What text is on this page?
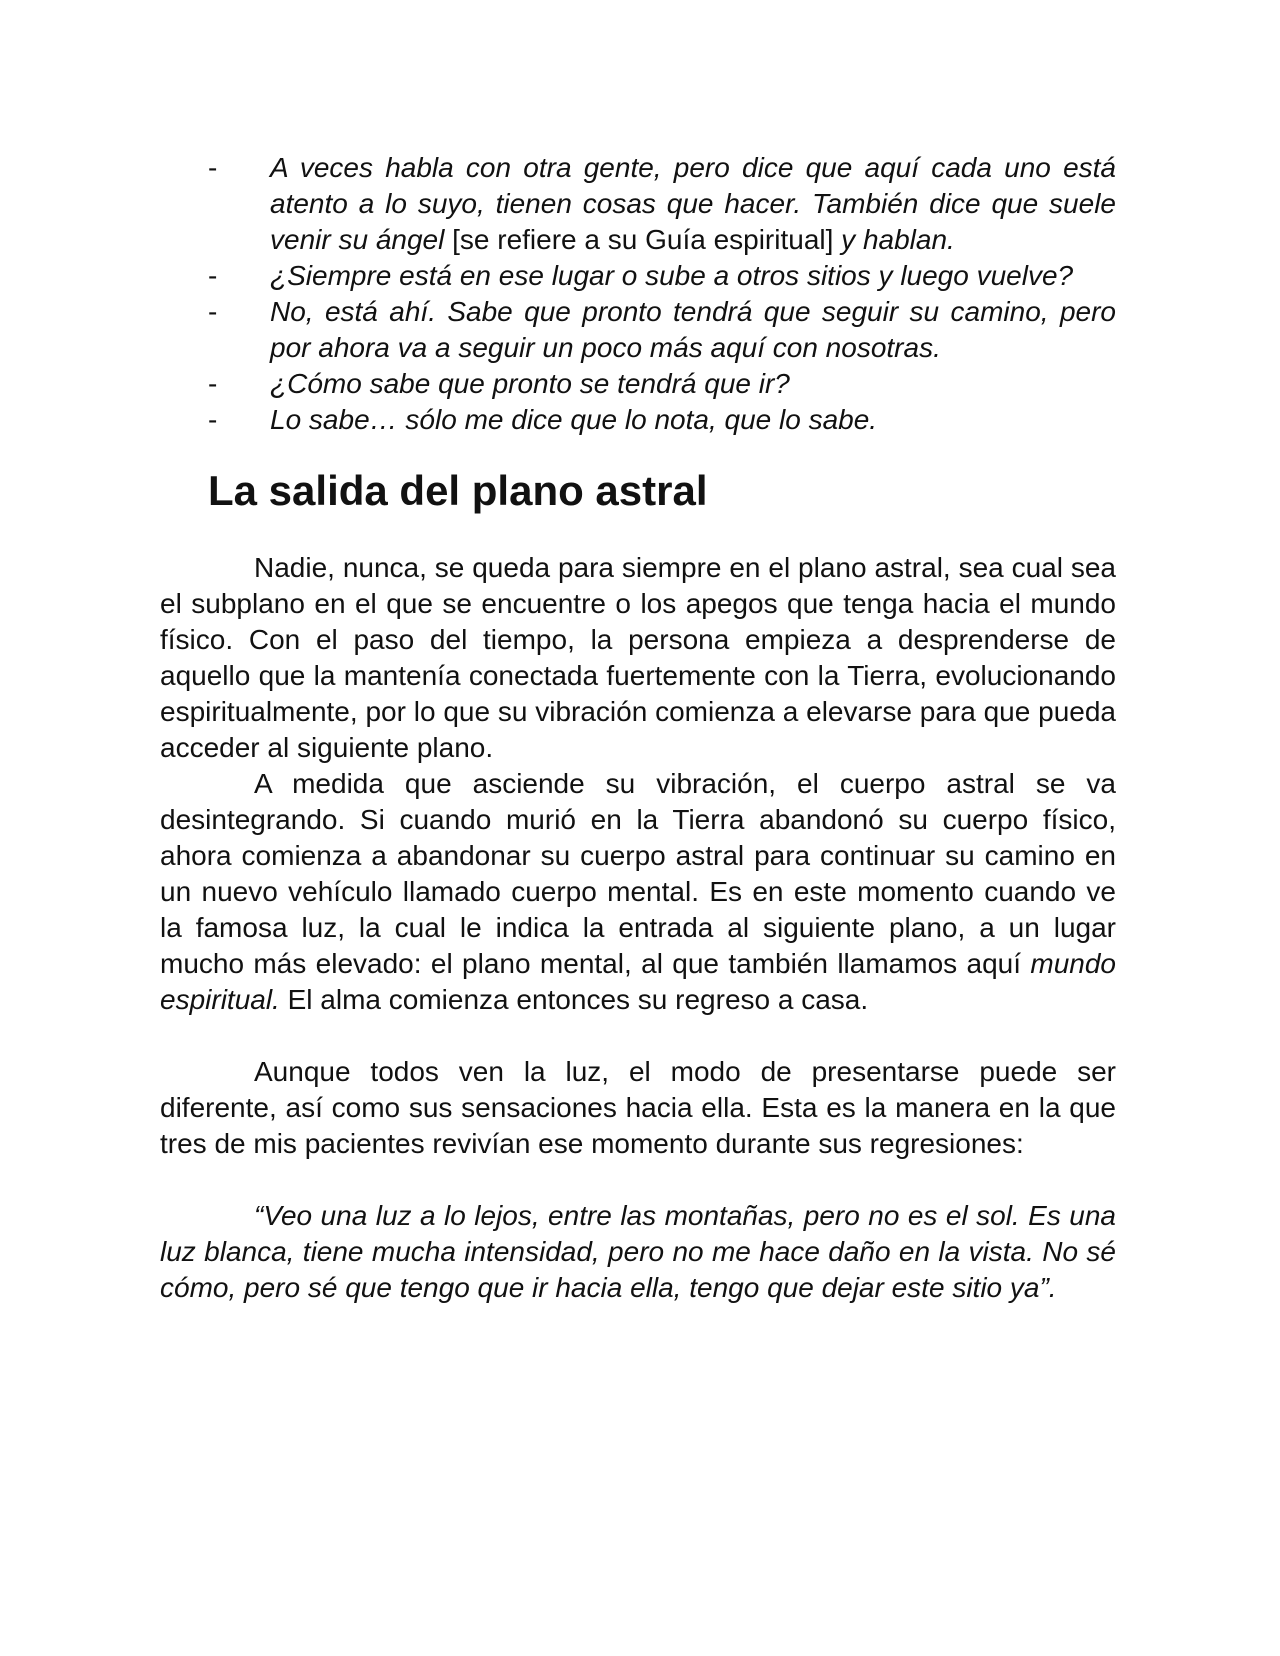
- A veces habla con otra gente, pero dice que aquí cada uno está atento a lo suyo, tienen cosas que hacer. También dice que suele venir su ángel [se refiere a su Guía espiritual] y hablan.
- ¿Siempre está en ese lugar o sube a otros sitios y luego vuelve?
- No, está ahí. Sabe que pronto tendrá que seguir su camino, pero por ahora va a seguir un poco más aquí con nosotras.
- ¿Cómo sabe que pronto se tendrá que ir?
- Lo sabe… sólo me dice que lo nota, que lo sabe.
La salida del plano astral

Nadie, nunca, se queda para siempre en el plano astral, sea cual sea el subplano en el que se encuentre o los apegos que tenga hacia el mundo físico. Con el paso del tiempo, la persona empieza a desprenderse de aquello que la mantenía conectada fuertemente con la Tierra, evolucionando espiritualmente, por lo que su vibración comienza a elevarse para que pueda acceder al siguiente plano.

A medida que asciende su vibración, el cuerpo astral se va desintegrando. Si cuando murió en la Tierra abandonó su cuerpo físico, ahora comienza a abandonar su cuerpo astral para continuar su camino en un nuevo vehículo llamado cuerpo mental. Es en este momento cuando ve la famosa luz, la cual le indica la entrada al siguiente plano, a un lugar mucho más elevado: el plano mental, al que también llamamos aquí mundo espiritual. El alma comienza entonces su regreso a casa.

Aunque todos ven la luz, el modo de presentarse puede ser diferente, así como sus sensaciones hacia ella. Esta es la manera en la que tres de mis pacientes revivían ese momento durante sus regresiones:

“Veo una luz a lo lejos, entre las montañas, pero no es el sol. Es una luz blanca, tiene mucha intensidad, pero no me hace daño en la vista. No sé cómo, pero sé que tengo que ir hacia ella, tengo que dejar este sitio ya”.
